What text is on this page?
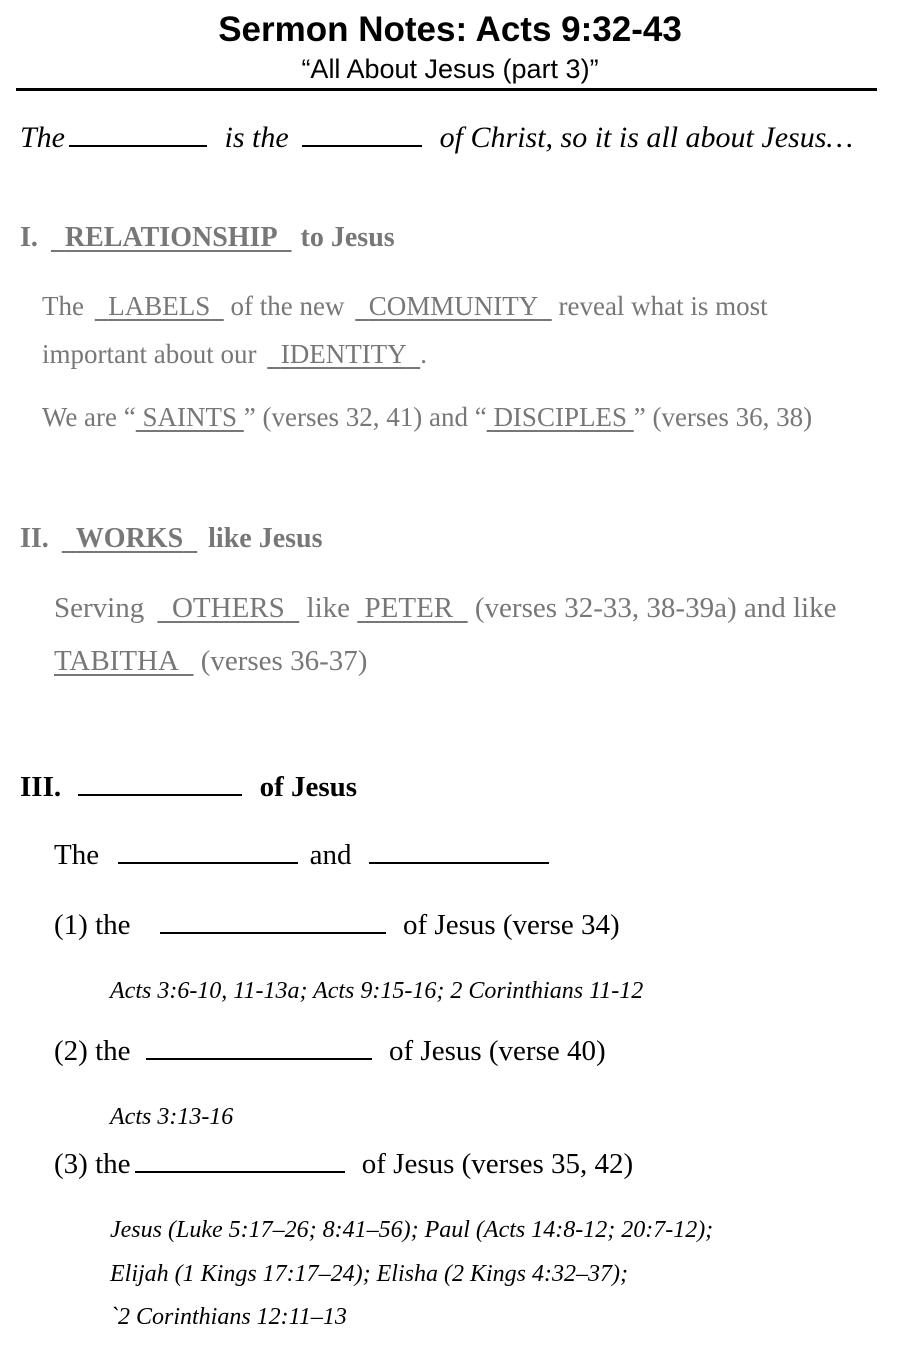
Sermon Notes: Acts 9:32-43
“All About Jesus (part 3)”
The	is the	of Christ, so it is all about Jesus…
I. RELATIONSHIP to Jesus
The LABELS of the new COMMUNITY reveal what is most
important about our IDENTITY .
We are “ SAINTS ” (verses 32, 41) and “ DISCIPLES ” (verses 36, 38)
II. WORKS like Jesus
Serving OTHERS like PETER (verses 32-33, 38-39a) and like
TABITHA (verses 36-37)
III.	of Jesus
The	and
(1) the	of Jesus (verse 34)
Acts 3:6-10, 11-13a; Acts 9:15-16; 2 Corinthians 11-12
(2) the	of Jesus (verse 40)
Acts 3:13-16
(3) the	of Jesus (verses 35, 42)
Jesus (Luke 5:17–26; 8:41–56); Paul (Acts 14:8-12; 20:7-12);
Elijah (1 Kings 17:17–24); Elisha (2 Kings 4:32–37);
`2 Corinthians 12:11–13
